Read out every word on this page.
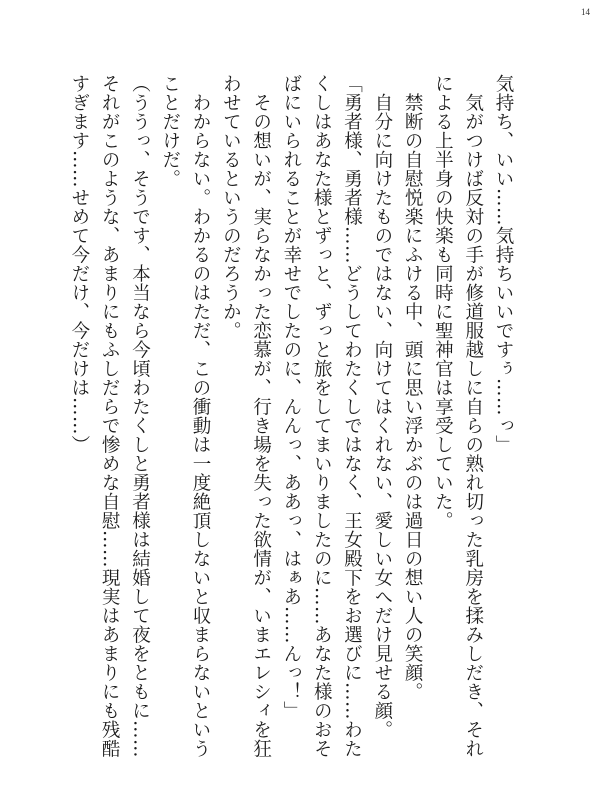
14
気持ち、いい……気持ちいいですぅ……っ」
　気がつけば反対の手が修道服越しに自らの熟れ切った乳房を揉みしだき、それ
による上半身の快楽も同時に聖神官は享受していた。
　禁断の自慰悦楽にふける中、頭に思い浮かぶのは過日の想い人の笑顔。
　自分に向けたものではない、向けてはくれない、愛しい女へだけ見せる顔。
「勇者様、勇者様……どうしてわたくしではなく、王女殿下をお選びに……わた
くしはあなた様とずっと、ずっと旅をしてまいりましたのに……あなた様のおそ
ばにいられることが幸せでしたのに、んんっ、ああっ、はぁあ……んっ！」
　その想いが、実らなかった恋慕が、行き場を失った欲情が、いまエレシィを狂
わせているというのだろうか。
　わからない。わかるのはただ、この衝動は一度絶頂しないと収まらないという
ことだけだ。
（ううっ、そうです、本当なら今頃わたくしと勇者様は結婚して夜をともに……
それがこのような、あまりにもふしだらで惨めな自慰……現実はあまりにも残酷
すぎます……せめて今だけ、今だけは……）
